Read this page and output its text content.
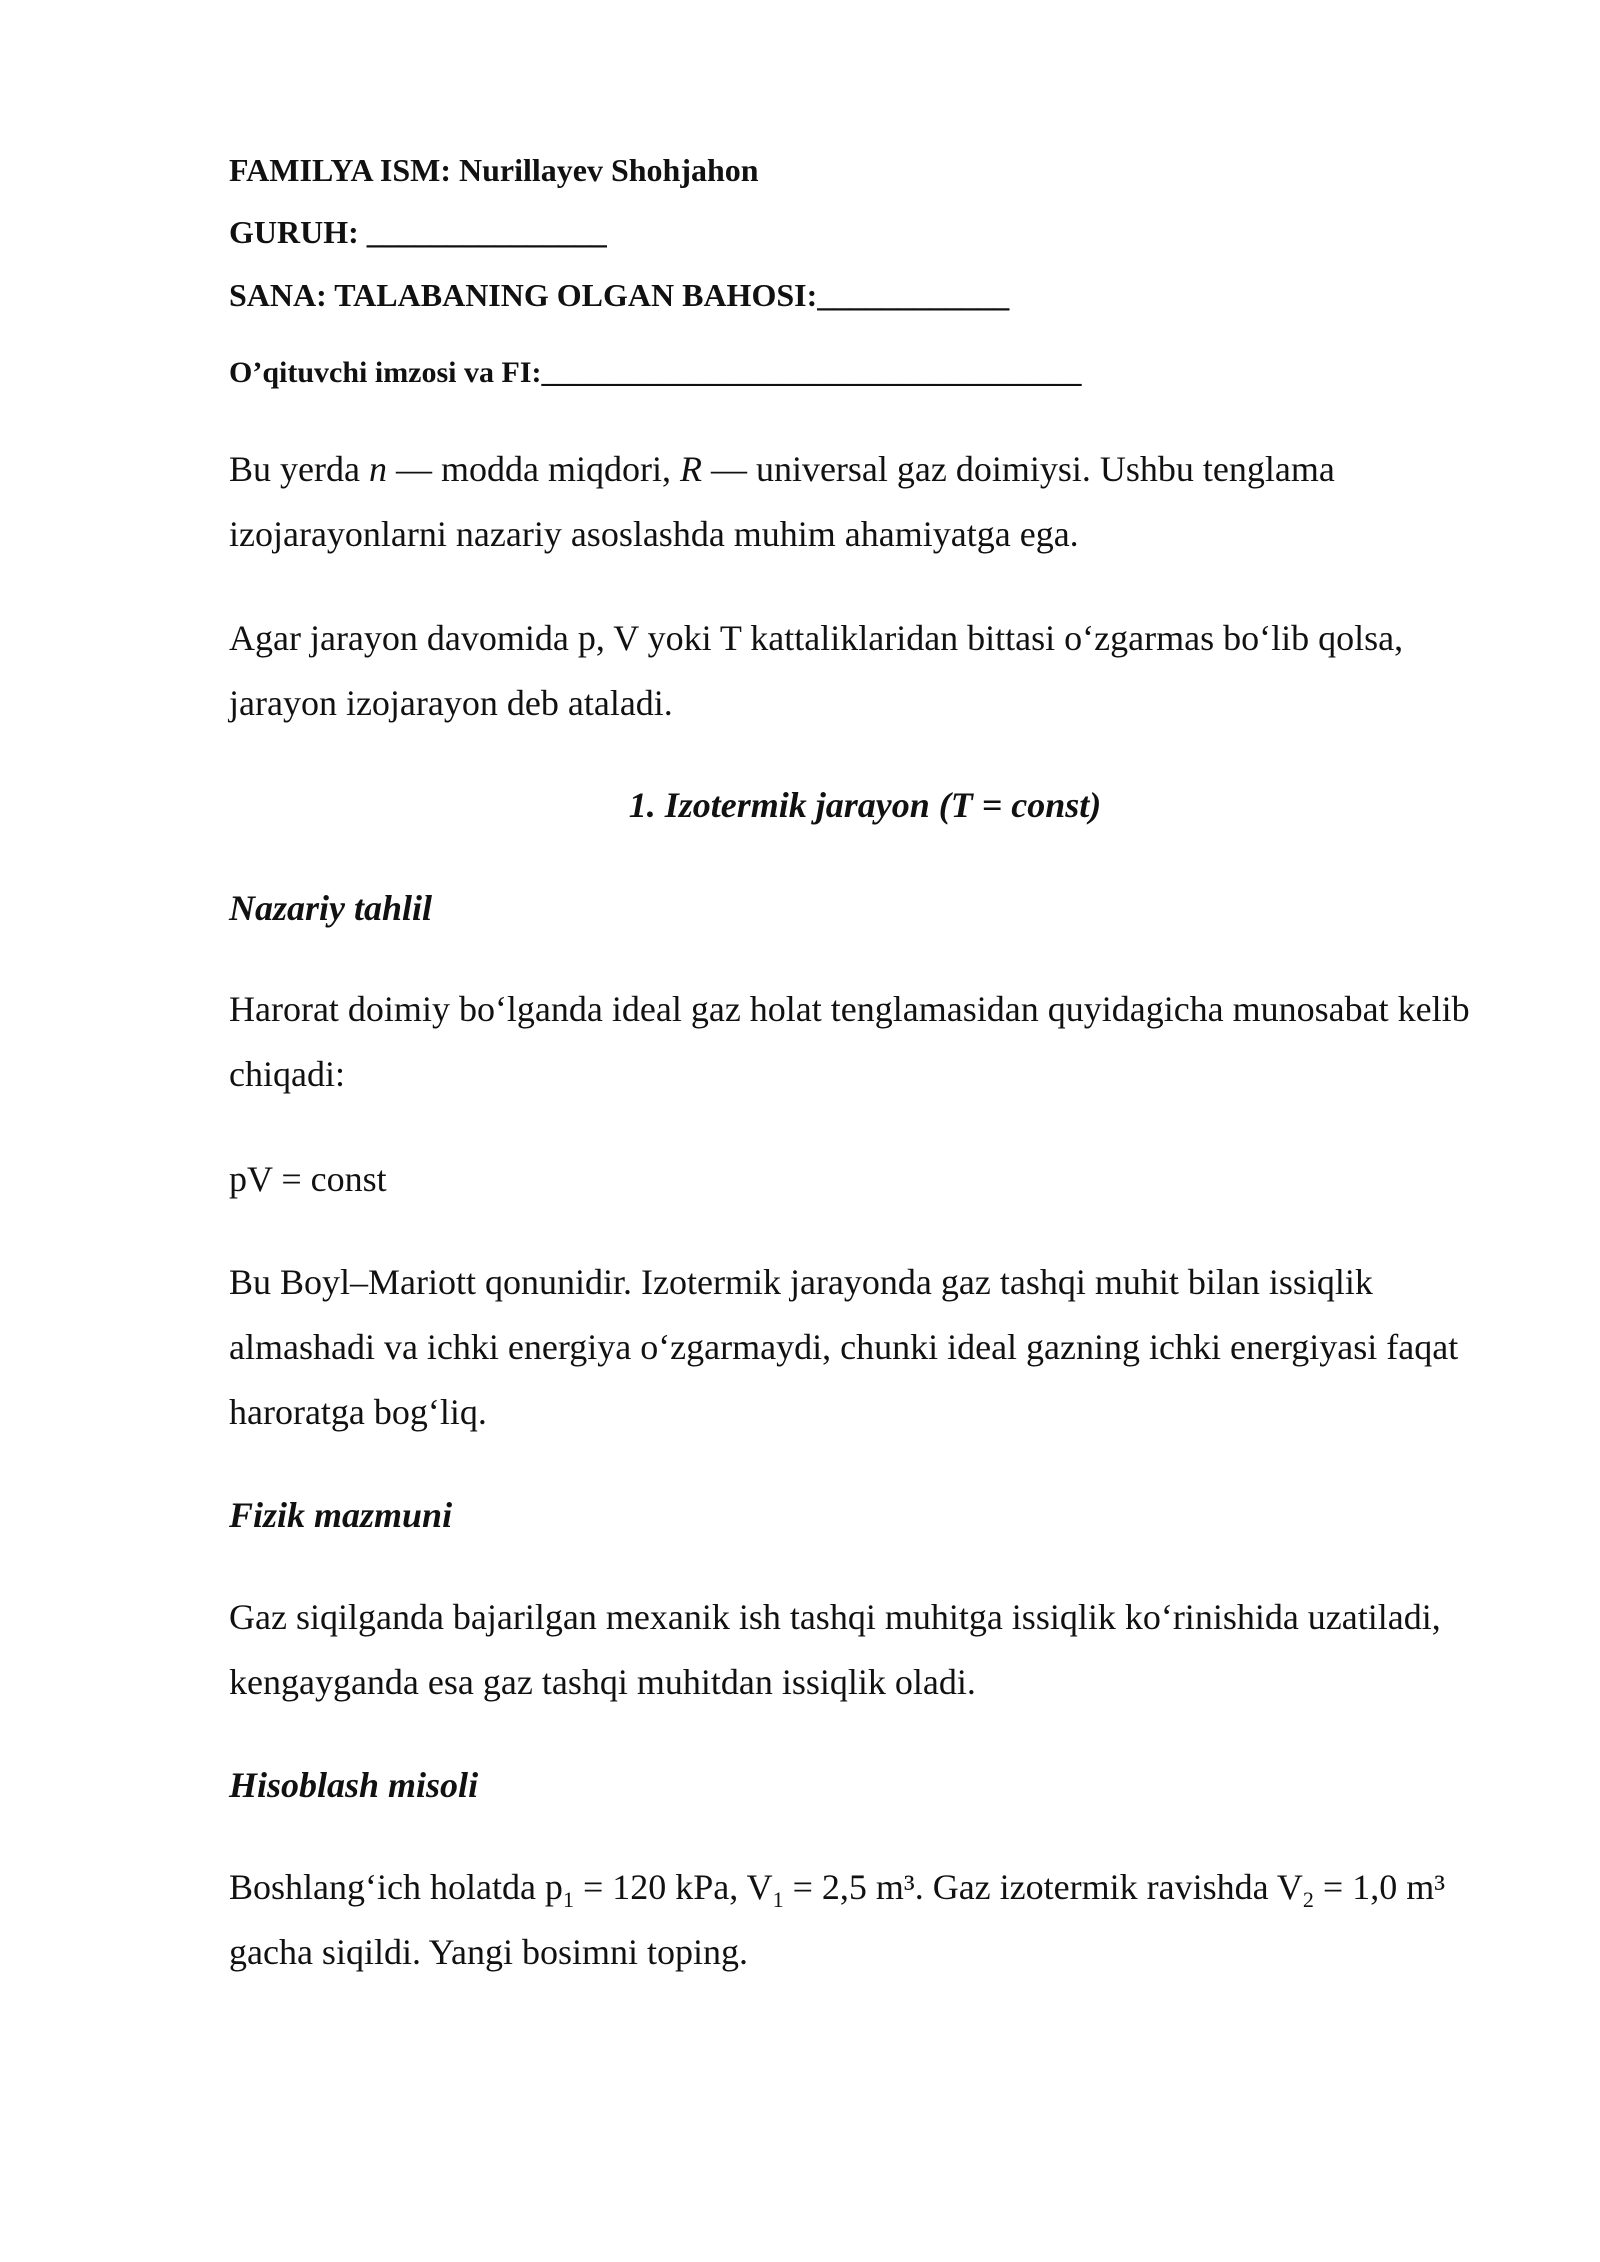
FAMILYA ISM: Nurillayev Shohjahon
GURUH: _______________
SANA: TALABANING OLGAN BAHOSI:____________
O’qituvchi imzosi va FI:____________________________________
Bu yerda n — modda miqdori, R — universal gaz doimiysi. Ushbu tenglama izojarayonlarni nazariy asoslashda muhim ahamiyatga ega.
Agar jarayon davomida p, V yoki T kattaliklaridan bittasi o‘zgarmas bo‘lib qolsa, jarayon izojarayon deb ataladi.
1. Izotermik jarayon (T = const)
Nazariy tahlil
Harorat doimiy bo‘lganda ideal gaz holat tenglamasidan quyidagicha munosabat kelib chiqadi:
pV = const
Bu Boyl–Mariott qonunidir. Izotermik jarayonda gaz tashqi muhit bilan issiqlik almashadi va ichki energiya o‘zgarmaydi, chunki ideal gazning ichki energiyasi faqat haroratga bog‘liq.
Fizik mazmuni
Gaz siqilganda bajarilgan mexanik ish tashqi muhitga issiqlik ko‘rinishida uzatiladi, kengayganda esa gaz tashqi muhitdan issiqlik oladi.
Hisoblash misoli
Boshlang‘ich holatda $p_1 = 120$ kPa, $V_1 = 2,5$ m³. Gaz izotermik ravishda $V_2 = 1,0$ m³ gacha siqildi. Yangi bosimni toping.
